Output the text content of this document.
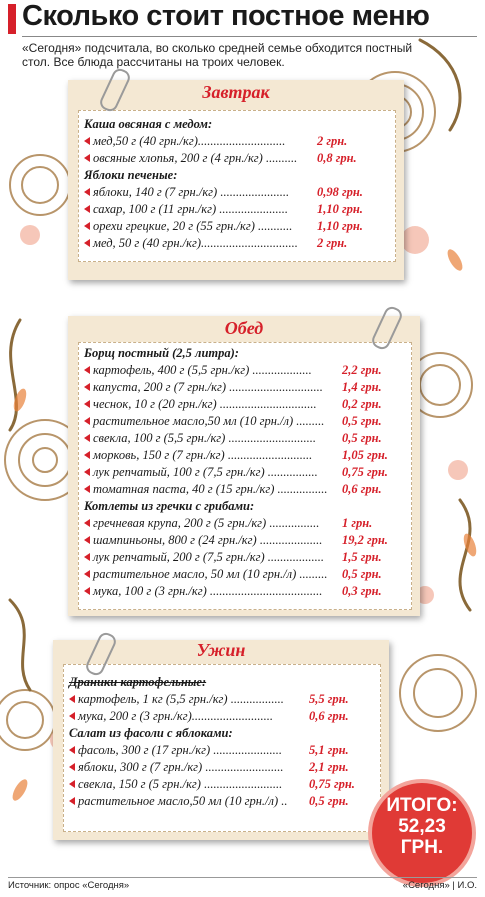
Сколько стоит постное меню
«Сегодня» подсчитала, во сколько средней семье обходится постный стол. Все блюда рассчитаны на троих человек.
Завтрак
Каша овсяная с медом:
мед,50 г (40 грн./кг)............................	2 грн.
овсяные хлопья, 200 г (4 грн./кг) .......... 0,8 грн.
Яблоки печеные:
яблоки, 140 г (7 грн./кг) ...................... 0,98 грн.
сахар, 100 г (11 грн./кг) ...................... 1,10 грн.
орехи грецкие, 20 г (55 грн./кг) ........... 1,10 грн.
мед, 50 г (40 грн./кг)............................... 2 грн.
Обед
Борщ постный (2,5 литра):
картофель, 400 г (5,5 грн./кг) ................... 2,2 грн.
капуста, 200 г (7 грн./кг) .............................. 1,4 грн.
чеснок, 10 г (20 грн./кг) ............................... 0,2 грн.
растительное масло,50 мл (10 грн./л) ......... 0,5 грн.
свекла, 100 г (5,5 грн./кг) ............................ 0,5 грн.
морковь, 150 г (7 грн./кг) ........................... 1,05 грн.
лук репчатый, 100 г (7,5 грн./кг) ................ 0,75 грн.
томатная паста, 40 г (15 грн./кг) ................ 0,6 грн.
Котлеты из гречки с грибами:
гречневая крупа, 200 г (5 грн./кг) ................ 1 грн.
шампиньоны, 800 г (24 грн./кг) .................... 19,2 грн.
лук репчатый, 200 г (7,5 грн./кг) .................. 1,5 грн.
растительное масло, 50 мл (10 грн./л) ......... 0,5 грн.
мука, 100 г (3 грн./кг) .................................... 0,3 грн.
Ужин
Драники картофельные:
картофель, 1 кг (5,5 грн./кг) ................. 5,5 грн.
мука, 200 г (3 грн./кг)..........................	0,6 грн.
Салат из фасоли с яблоками:
фасоль, 300 г (17 грн./кг) ...................... 5,1 грн.
яблоки, 300 г (7 грн./кг) ......................... 2,1 грн.
свекла, 150 г (5 грн./кг) ......................... 0,75 грн.
растительное масло,50 мл (10 грн./л) .. 0,5 грн.	ИТОГО:
52,23
ГРН.
Источник: опрос «Сегодня»	«Сегодня» | И.О.
